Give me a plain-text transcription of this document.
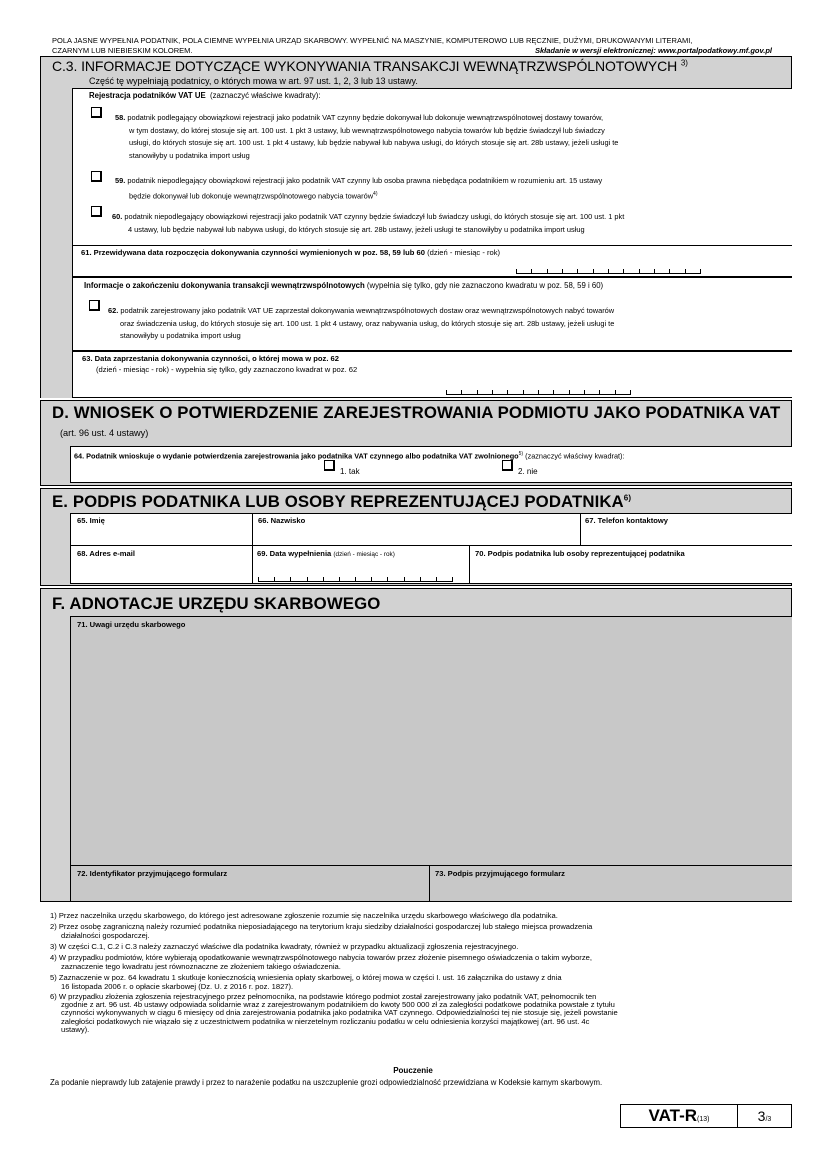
POLA JASNE WYPEŁNIA PODATNIK, POLA CIEMNE WYPEŁNIA URZĄD SKARBOWY. WYPEŁNIĆ NA MASZYNIE, KOMPUTEROWO LUB RĘCZNIE, DUŻYMI, DRUKOWANYMI LITERAMI,
CZARNYM LUB NIEBIESKIM KOLOREM.	Składanie w wersji elektronicznej: www.portalpodatkowy.mf.gov.pl
C.3. INFORMACJE DOTYCZĄCE WYKONYWANIA TRANSAKCJI WEWNĄTRZWSPÓLNOTOWYCH $^{3)}$
Część tę wypełniają podatnicy, o których mowa w art. 97 ust. 1, 2, 3 lub 13 ustawy.
Rejestracja podatników VAT UE (zaznaczyć właściwe kwadraty):
58. podatnik podlegający obowiązkowi rejestracji jako podatnik VAT czynny będzie dokonywał lub dokonuje wewnątrzwspólnotowej dostawy towarów,
w tym dostawy, do której stosuje się art. 100 ust. 1 pkt 3 ustawy, lub wewnątrzwspólnotowego nabycia towarów lub będzie świadczył lub świadczy
usługi, do których stosuje się art. 100 ust. 1 pkt 4 ustawy, lub będzie nabywał lub nabywa usługi, do których stosuje się art. 28b ustawy, jeżeli usługi te
stanowiłyby u podatnika import usług
59. podatnik niepodlegający obowiązkowi rejestracji jako podatnik VAT czynny lub osoba prawna niebędąca podatnikiem w rozumieniu art. 15 ustawy
będzie dokonywał lub dokonuje wewnątrzwspólnotowego nabycia towarów$^{4)}$
60. podatnik niepodlegający obowiązkowi rejestracji jako podatnik VAT czynny będzie świadczył lub świadczy usługi, do których stosuje się art. 100 ust. 1 pkt
4 ustawy, lub będzie nabywał lub nabywa usługi, do których stosuje się art. 28b ustawy, jeżeli usługi te stanowiłyby u podatnika import usług
61. Przewidywana data rozpoczęcia dokonywania czynności wymienionych w poz. 58, 59 lub 60 (dzień - miesiąc - rok)
Informacje o zakończeniu dokonywania transakcji wewnątrzwspólnotowych (wypełnia się tylko, gdy nie zaznaczono kwadratu w poz. 58, 59 i 60)
62. podatnik zarejestrowany jako podatnik VAT UE zaprzestał dokonywania wewnątrzwspólnotowych dostaw oraz wewnątrzwspólnotowych nabyć towarów
oraz świadczenia usług, do których stosuje się art. 100 ust. 1 pkt 4 ustawy, oraz nabywania usług, do których stosuje się art. 28b ustawy, jeżeli usługi te
stanowiłyby u podatnika import usług
63. Data zaprzestania dokonywania czynności, o której mowa w poz. 62
(dzień - miesiąc - rok) - wypełnia się tylko, gdy zaznaczono kwadrat w poz. 62
D. WNIOSEK O POTWIERDZENIE ZAREJESTROWANIA PODMIOTU JAKO PODATNIKA VAT
(art. 96 ust. 4 ustawy)
64. Podatnik wnioskuje o wydanie potwierdzenia zarejestrowania jako podatnika VAT czynnego albo podatnika VAT zwolnionego$^{5)}$ (zaznaczyć właściwy kwadrat):
1. tak	2. nie
E. PODPIS PODATNIKA LUB OSOBY REPREZENTUJĄCEJ PODATNIKA$^{6)}$
65. Imię	66. Nazwisko	67. Telefon kontaktowy
68. Adres e-mail	69. Data wypełnienia (dzień - miesiąc - rok)	70. Podpis podatnika lub osoby reprezentującej podatnika
F. ADNOTACJE URZĘDU SKARBOWEGO
71. Uwagi urzędu skarbowego
72. Identyfikator przyjmującego formularz	73. Podpis przyjmującego formularz
1) Przez naczelnika urzędu skarbowego, do którego jest adresowane zgłoszenie rozumie się naczelnika urzędu skarbowego właściwego dla podatnika.
2) Przez osobę zagraniczną należy rozumieć podatnika nieposiadającego na terytorium kraju siedziby działalności gospodarczej lub stałego miejsca prowadzenia
działalności gospodarczej.
3) W części C.1, C.2 i C.3 należy zaznaczyć właściwe dla podatnika kwadraty, również w przypadku aktualizacji zgłoszenia rejestracyjnego.
4) W przypadku podmiotów, które wybierają opodatkowanie wewnątrzwspólnotowego nabycia towarów przez złożenie pisemnego oświadczenia o takim wyborze,
zaznaczenie tego kwadratu jest równoznaczne ze złożeniem takiego oświadczenia.
5) Zaznaczenie w poz. 64 kwadratu 1 skutkuje koniecznością wniesienia opłaty skarbowej, o której mowa w części I. ust. 16 załącznika do ustawy z dnia
16 listopada 2006 r. o opłacie skarbowej (Dz. U. z 2016 r. poz. 1827).
6) W przypadku złożenia zgłoszenia rejestracyjnego przez pełnomocnika, na podstawie którego podmiot został zarejestrowany jako podatnik VAT, pełnomocnik ten
zgodnie z art. 96 ust. 4b ustawy odpowiada solidarnie wraz z zarejestrowanym podatnikiem do kwoty 500 000 zł za zaległości podatkowe podatnika powstałe z tytułu
czynności wykonywanych w ciągu 6 miesięcy od dnia zarejestrowania podatnika jako podatnika VAT czynnego. Odpowiedzialności tej nie stosuje się, jeżeli powstanie
zaległości podatkowych nie wiązało się z uczestnictwem podatnika w nierzetelnym rozliczaniu podatku w celu odniesienia korzyści majątkowej (art. 96 ust. 4c
ustawy).
Pouczenie
Za podanie nieprawdy lub zatajenie prawdy i przez to narażenie podatku na uszczuplenie grozi odpowiedzialność przewidziana w Kodeksie karnym skarbowym.
VAT-R(13)	3/3
